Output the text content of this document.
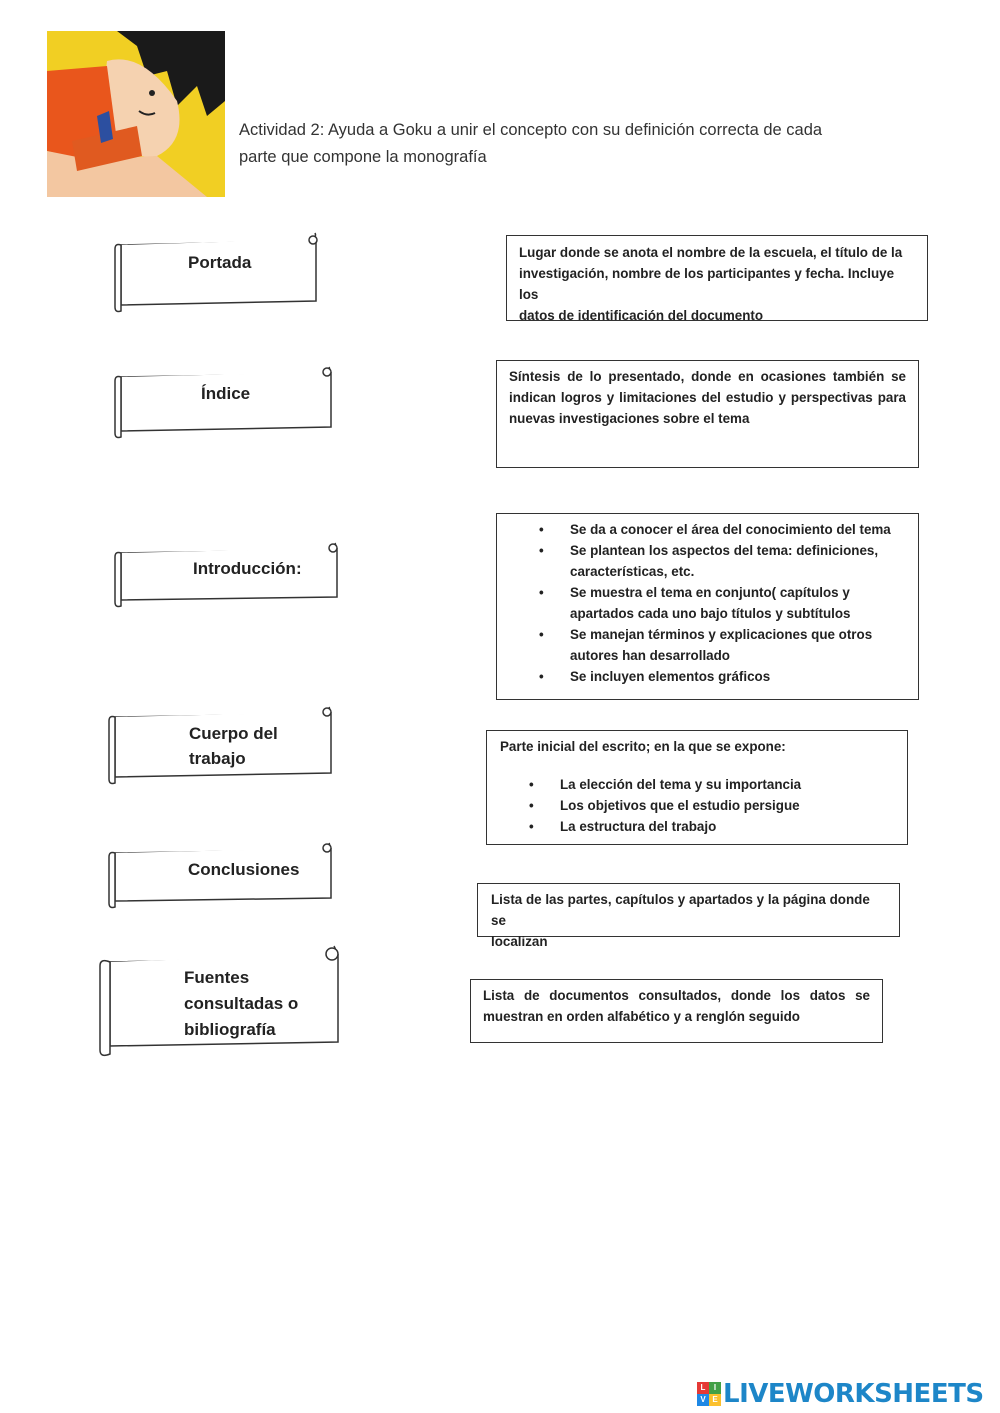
Actividad 2: Ayuda a Goku a unir el concepto con su definición correcta de cada
parte que compone la monografía
Portada
Índice
Introducción:
Cuerpo del
trabajo
Conclusiones
Fuentes
consultadas o
bibliografía

Lugar donde se anota el nombre de la escuela, el título de la

investigación, nombre de los participantes y fecha. Incluye los

datos de identificación del documento

Síntesis de lo presentado, donde en ocasiones también se indican logros y limitaciones del estudio y perspectivas para nuevas investigaciones sobre el tema

• Se da a conocer el área del conocimiento del tema
• Se plantean los aspectos del tema: definiciones,
características, etc.
• Se muestra el tema en conjunto( capítulos y
apartados cada uno bajo títulos y subtítulos
• Se manejan términos y explicaciones que otros
autores han desarrollado
• Se incluyen elementos gráficos

Parte inicial del escrito; en la que se expone:

• La elección del tema y su importancia
• Los objetivos que el estudio persigue
• La estructura del trabajo

Lista de las partes, capítulos y apartados y la página donde se

localizan

Lista de documentos consultados, donde los datos se muestran en orden alfabético y a renglón seguido

L	I
V E LIVEWORKSHEETS
